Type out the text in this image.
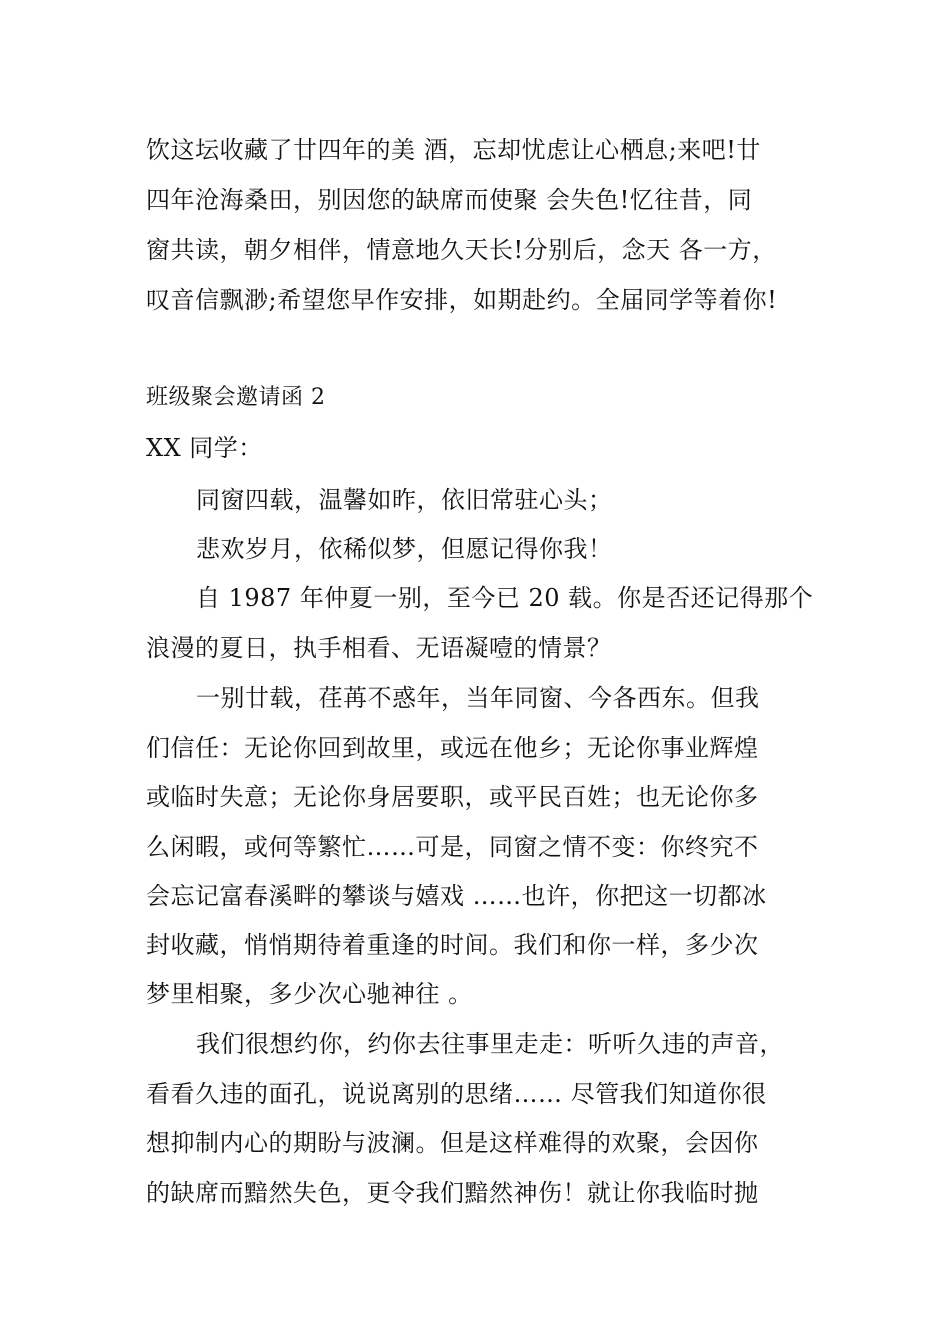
饮这坛收藏了廿四年的美 酒，忘却忧虑让心栖息;来吧!廿
四年沧海桑田，别因您的缺席而使聚 会失色!忆往昔，同
窗共读，朝夕相伴，情意地久天长!分别后，念天 各一方，
叹音信飘渺;希望您早作安排，如期赴约。全届同学等着你!
班级聚会邀请函 2
XX 同学：
同窗四载，温馨如昨，依旧常驻心头；
悲欢岁月，依稀似梦，但愿记得你我！
自 1987 年仲夏一别，至今已 20 载。你是否还记得那个
浪漫的夏日，执手相看、无语凝噎的情景？
一别廿载，荏苒不惑年，当年同窗、今各西东。但我
们信任：无论你回到故里，或远在他乡；无论你事业辉煌
或临时失意；无论你身居要职，或平民百姓；也无论你多
么闲暇，或何等繁忙……可是，同窗之情不变：你终究不
会忘记富春溪畔的攀谈与嬉戏 ……也许，你把这一切都冰
封收藏，悄悄期待着重逢的时间。我们和你一样，多少次
梦里相聚，多少次心驰神往 。
我们很想约你，约你去往事里走走：听听久违的声音，
看看久违的面孔，说说离别的思绪…… 尽管我们知道你很
想抑制内心的期盼与波澜。但是这样难得的欢聚，会因你
的缺席而黯然失色，更令我们黯然神伤！就让你我临时抛
